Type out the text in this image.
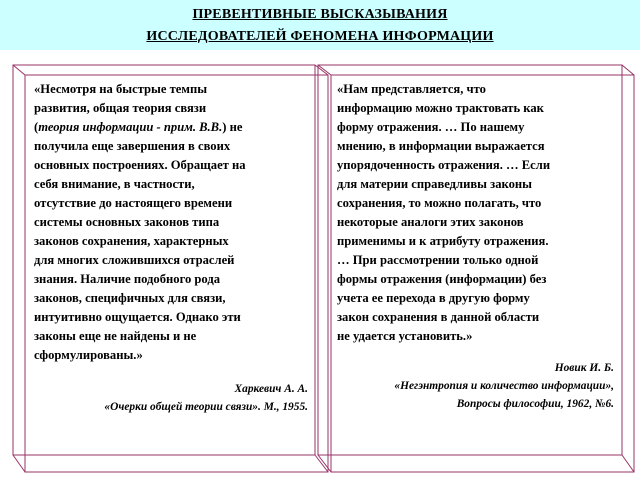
ПРЕВЕНТИВНЫЕ ВЫСКАЗЫВАНИЯ
ИССЛЕДОВАТЕЛЕЙ ФЕНОМЕНА ИНФОРМАЦИИ
«Несмотря на быстрые темпы
развития, общая теория связи
(теория информации - прим. В.В.) не
получила еще завершения в своих
основных построениях. Обращает на
себя внимание, в частности,
отсутствие до настоящего времени
системы основных законов типа
законов сохранения, характерных
для многих сложившихся отраслей
знания. Наличие подобного рода
законов, специфичных для связи,
интуитивно ощущается. Однако эти
законы еще не найдены и не
сформулированы.»
Харкевич А. А.
«Очерки общей теории связи». М., 1955.
«Нам представляется, что
информацию можно трактовать как
форму отражения. … По нашему
мнению, в информации выражается
упорядоченность отражения. … Если
для материи справедливы законы
сохранения, то можно полагать, что
некоторые аналоги этих законов
применимы и к атрибуту отражения.
… При рассмотрении только одной
формы отражения (информации) без
учета ее перехода в другую форму
закон сохранения в данной области
не удается установить.»
Новик И. Б.
«Негэнтропия и количество информации»,
Вопросы философии, 1962, №6.
